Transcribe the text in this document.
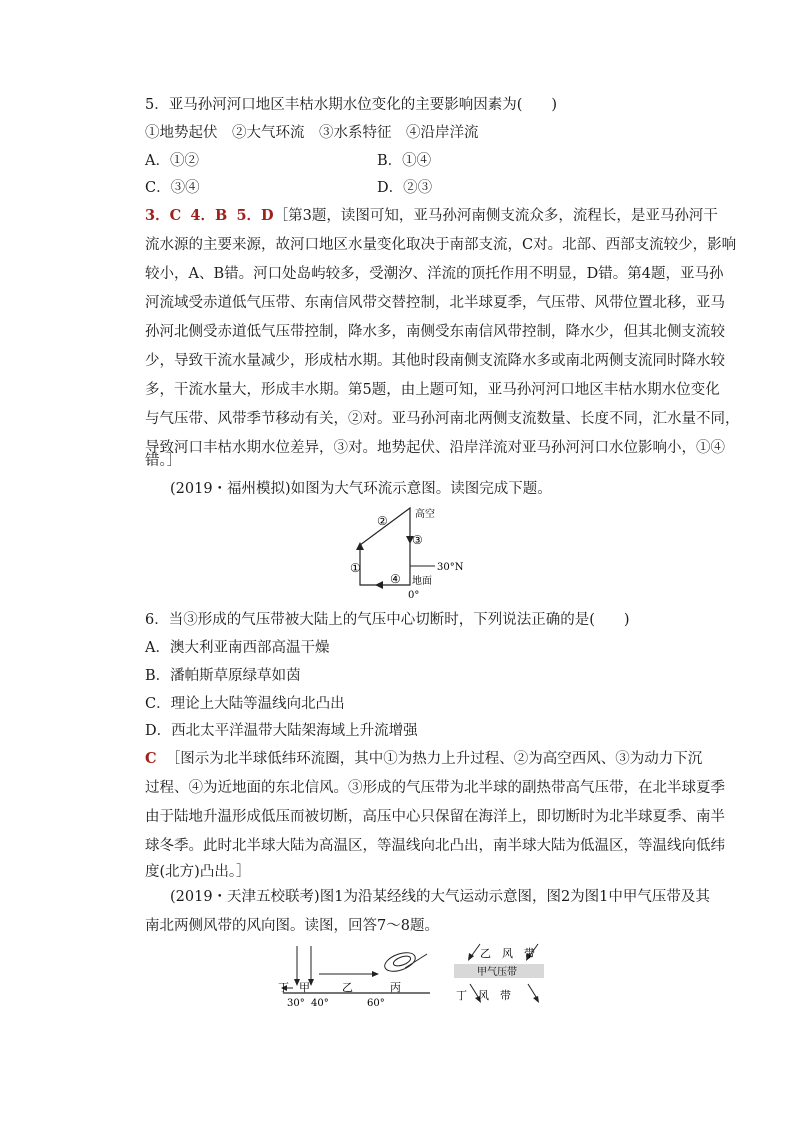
5．亚马孙河河口地区丰枯水期水位变化的主要影响因素为(　　)
①地势起伏　②大气环流　③水系特征　④沿岸洋流
A．①②	B．①④
C．③④	D．②③
3．C 4．B 5．D［第3题，读图可知，亚马孙河南侧支流众多，流程长，是亚马孙河干
流水源的主要来源，故河口地区水量变化取决于南部支流，C对。北部、西部支流较少，影响
较小，A、B错。河口处岛屿较多，受潮汐、洋流的顶托作用不明显，D错。第4题，亚马孙
河流域受赤道低气压带、东南信风带交替控制，北半球夏季，气压带、风带位置北移，亚马
孙河北侧受赤道低气压带控制，降水多，南侧受东南信风带控制，降水少，但其北侧支流较
少，导致干流水量减少，形成枯水期。其他时段南侧支流降水多或南北两侧支流同时降水较
多，干流水量大，形成丰水期。第5题，由上题可知，亚马孙河河口地区丰枯水期水位变化
与气压带、风带季节移动有关，②对。亚马孙河南北两侧支流数量、长度不同，汇水量不同，
导致河口丰枯水期水位差异，③对。地势起伏、沿岸洋流对亚马孙河河口水位影响小，①④
错。］
(2019・福州模拟)如图为大气环流示意图。读图完成下题。
①
②
③
④
高空
30°N
地面
0°
6．当③形成的气压带被大陆上的气压中心切断时，下列说法正确的是(　　)
A．澳大利亚南西部高温干燥
B．潘帕斯草原绿草如茵
C．理论上大陆等温线向北凸出
D．西北太平洋温带大陆架海域上升流增强
C ［图示为北半球低纬环流圈，其中①为热力上升过程、②为高空西风、③为动力下沉
过程、④为近地面的东北信风。③形成的气压带为北半球的副热带高气压带，在北半球夏季
由于陆地升温形成低压而被切断，高压中心只保留在海洋上，即切断时为北半球夏季、南半
球冬季。此时北半球大陆为高温区，等温线向北凸出，南半球大陆为低温区，等温线向低纬
度(北方)凸出。］
(2019・天津五校联考)图1为沿某经线的大气运动示意图，图2为图1中甲气压带及其
南北两侧风带的风向图。读图，回答7～8题。
丁 甲	乙	丙
30° 40°	60°
乙　风　带
甲气压带
丁　风　带
